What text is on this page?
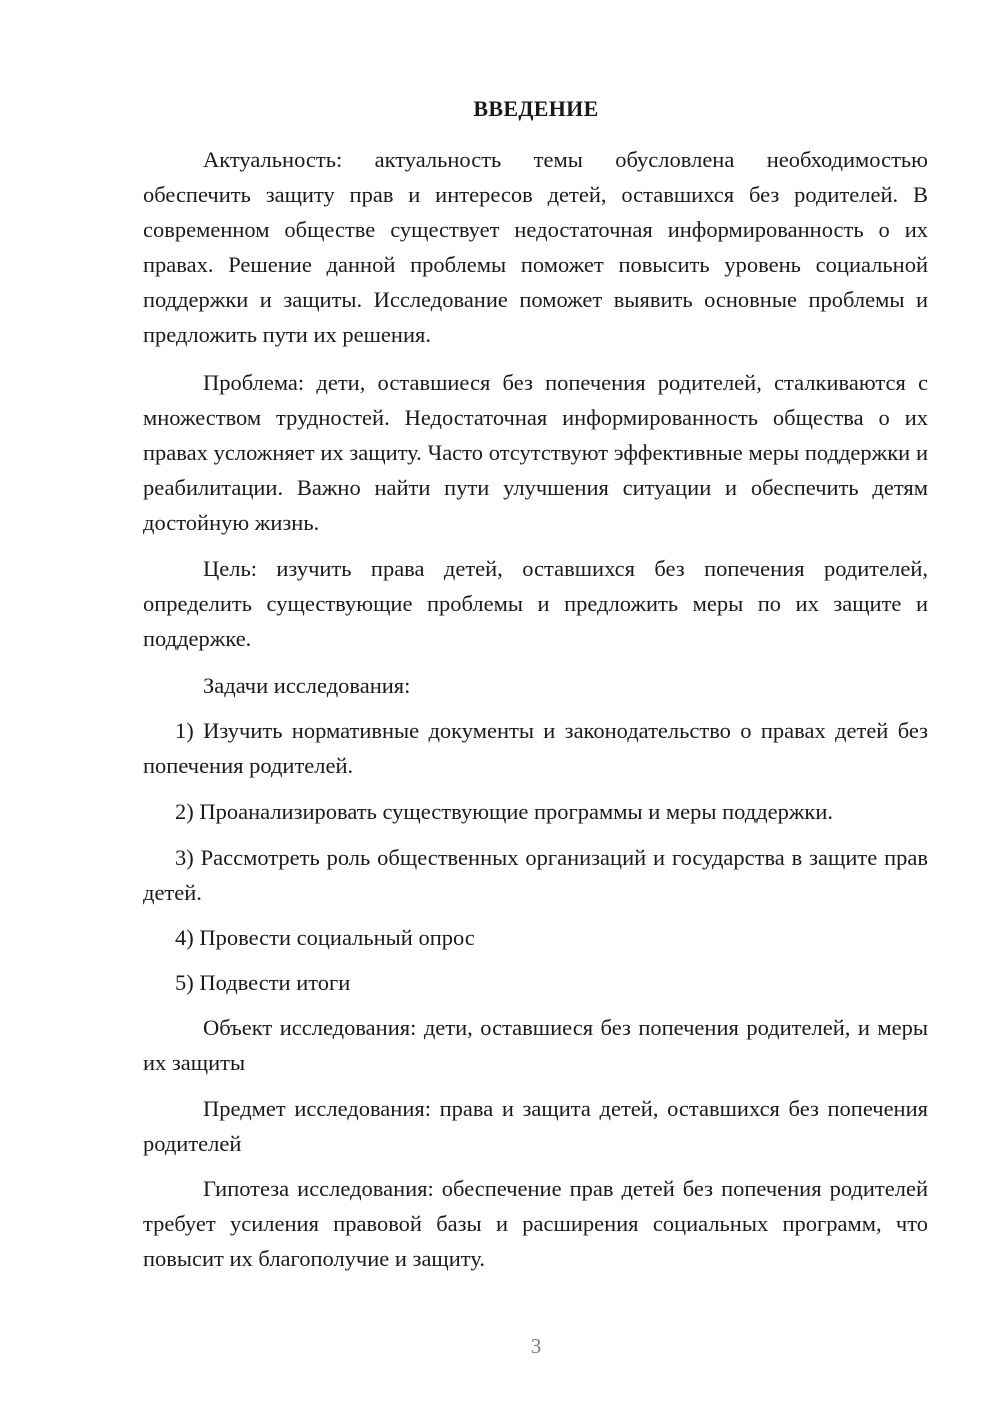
ВВЕДЕНИЕ

Актуальность: актуальность темы обусловлена необходимостью обеспечить защиту прав и интересов детей, оставшихся без родителей. В современном обществе существует недостаточная информированность о их правах. Решение данной проблемы поможет повысить уровень социальной поддержки и защиты. Исследование поможет выявить основные проблемы и предложить пути их решения.

Проблема: дети, оставшиеся без попечения родителей, сталкиваются с множеством трудностей. Недостаточная информированность общества о их правах усложняет их защиту. Часто отсутствуют эффективные меры поддержки и реабилитации. Важно найти пути улучшения ситуации и обеспечить детям достойную жизнь.

Цель: изучить права детей, оставшихся без попечения родителей, определить существующие проблемы и предложить меры по их защите и поддержке.

Задачи исследования:

1) Изучить нормативные документы и законодательство о правах детей без попечения родителей.

2) Проанализировать существующие программы и меры поддержки.

3) Рассмотреть роль общественных организаций и государства в защите прав детей.

4) Провести социальный опрос

5) Подвести итоги

Объект исследования: дети, оставшиеся без попечения родителей, и меры их защиты

Предмет исследования: права и защита детей, оставшихся без попечения родителей

Гипотеза исследования: обеспечение прав детей без попечения родителей требует усиления правовой базы и расширения социальных программ, что повысит их благополучие и защиту.

3
